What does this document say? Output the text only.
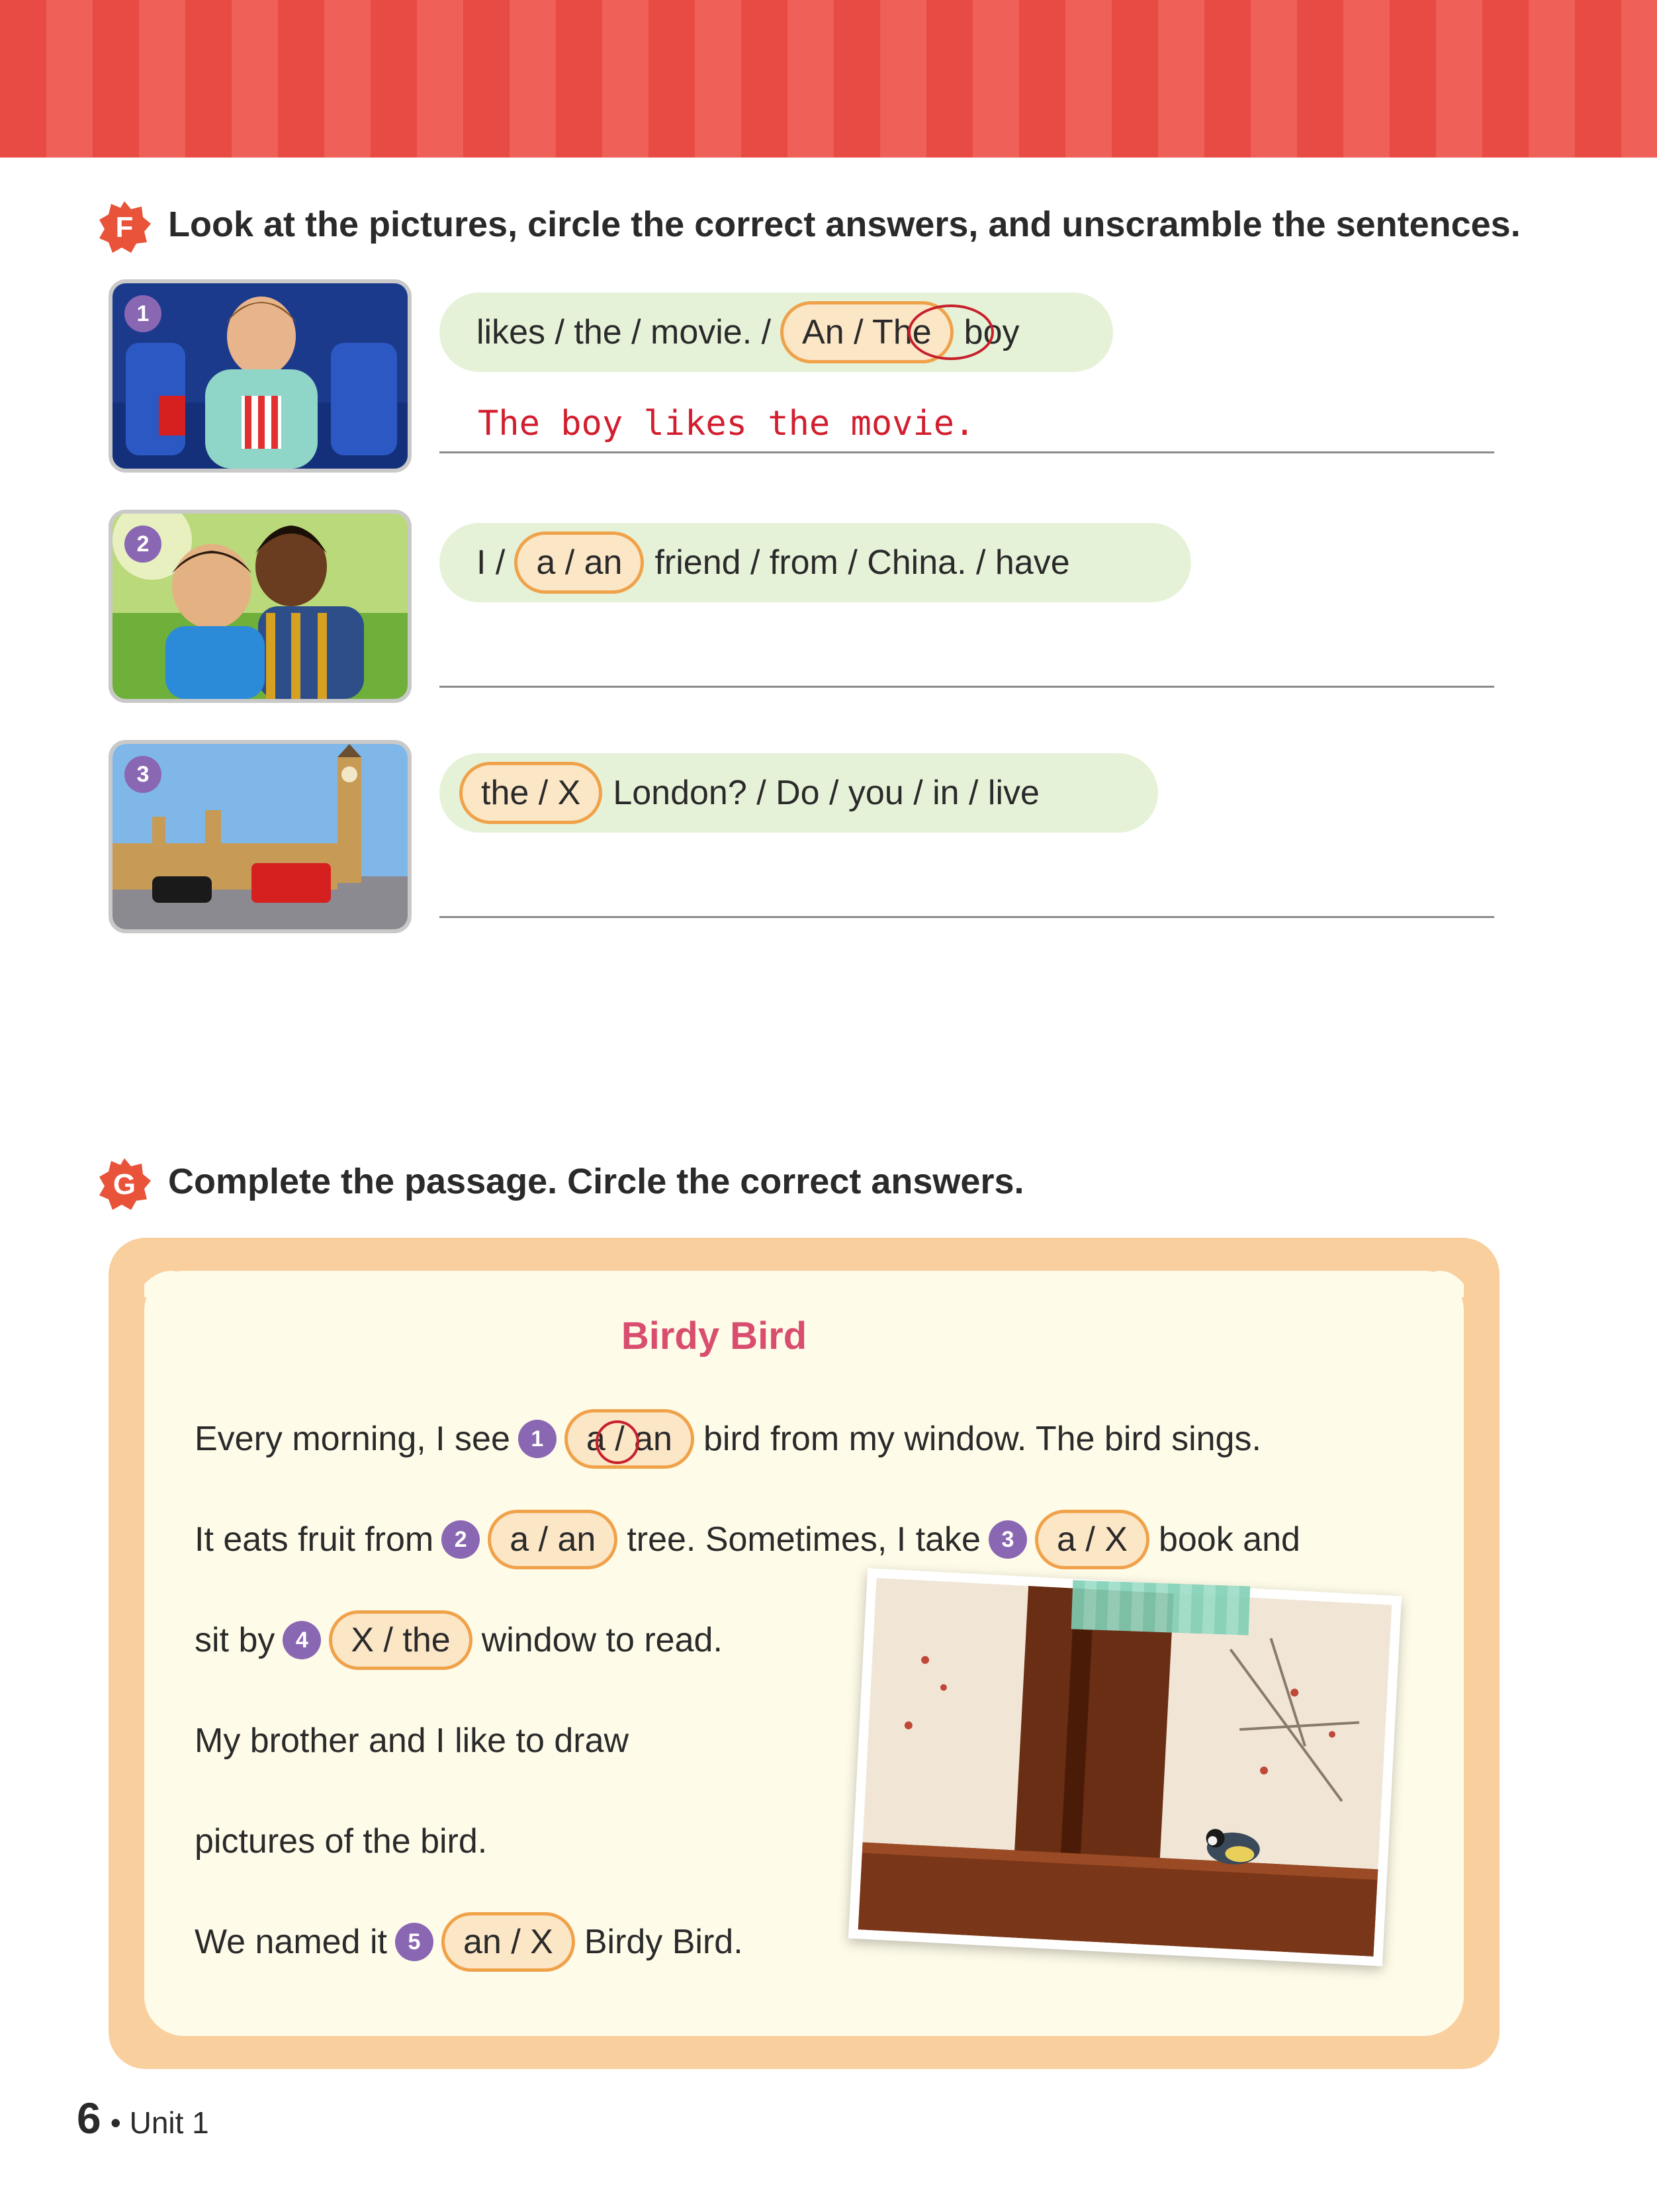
F Look at the pictures, circle the correct answers, and unscramble the sentences.
1	likes / the / movie. / An / The boy
The boy likes the movie.
2	I / a / an friend / from / China. / have
3	the / X London? / Do / you / in / live
G Complete the passage. Circle the correct answers.
Birdy Bird
Every morning, I see 1	a / an bird from my window. The bird sings.
It eats fruit from 2	a / an tree. Sometimes, I take 3	a / X book and
sit by 4	X / the window to read.
My brother and I like to draw
pictures of the bird.
We named it 5	an / X Birdy Bird.
6 • Unit 1
